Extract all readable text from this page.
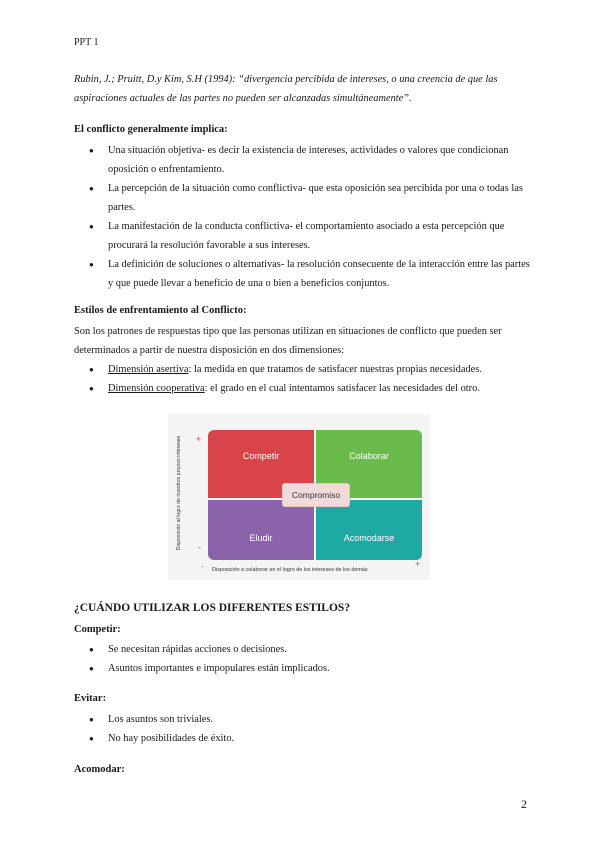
PPT 1
Rubin, J.; Pruitt, D.y Kim, S.H (1994): “divergencia percibida de intereses, o una creencia de que las aspiraciones actuales de las partes no pueden ser alcanzadas simultáneamente”.
El conflicto generalmente implica:
● Una situación objetiva- es decir la existencia de intereses, actividades o valores que condicionan oposición o enfrentamiento.
● La percepción de la situación como conflictiva- que esta oposición sea percibida por una o todas las partes.
● La manifestación de la conducta conflictiva- el comportamiento asociado a esta percepción que procurará la resolución favorable a sus intereses.
● La definición de soluciones o alternativas- la resolución consecuente de la interacción entre las partes y que puede llevar a beneficio de una o bien a beneficios conjuntos.
Estilos de enfrentamiento al Conflicto:
Son los patrones de respuestas tipo que las personas utilizan en situaciones de conflicto que pueden ser determinados a partir de nuestra disposición en dos dimensiones:
● Dimensión asertiva: la medida en que tratamos de satisfacer nuestras propias necesidades.
● Dimensión cooperativa: el grado en el cual intentamos satisfacer las necesidades del otro.
Disposición al logro de nuestros propios intereses +
-
Competir	Colaborar
Eludir	Acomodarse
Compromiso
- Disposición a colaborar en el logro de los intereses de los demás
+
¿CUÁNDO UTILIZAR LOS DIFERENTES ESTILOS?
Competir:
● Se necesitan rápidas acciones o decisiones.
● Asuntos importantes e impopulares están implicados.
Evitar:
● Los asuntos son triviales.
● No hay posibilidades de éxito.
Acomodar:
2
